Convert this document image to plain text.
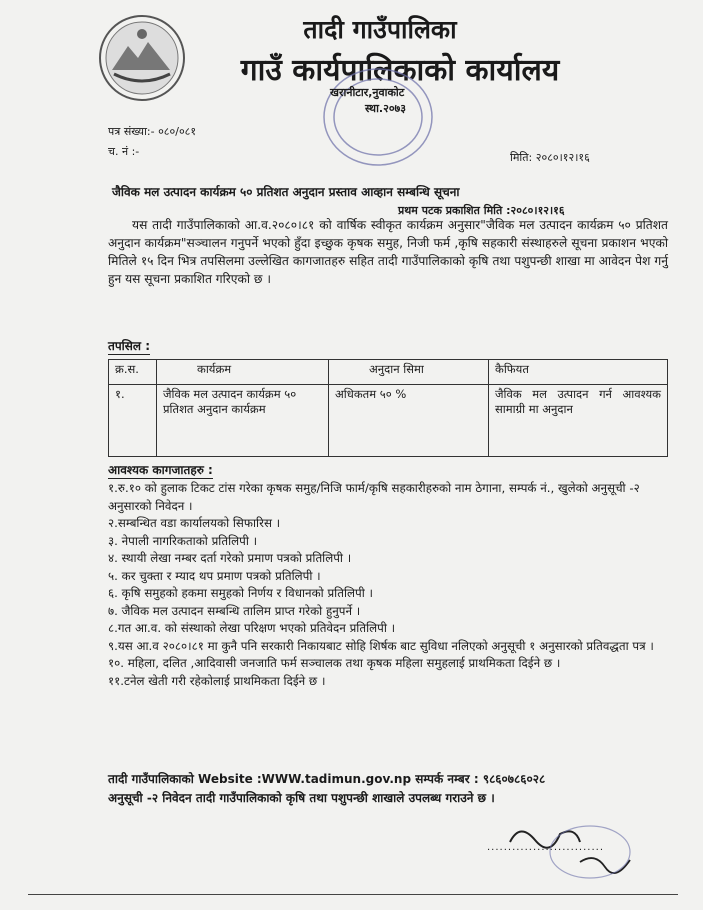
तादी गाउँपालिका
गाउँ कार्यपालिकाको कार्यालय
खरानीटार,नुवाकोट
स्था.२०७३
पत्र संख्या:- ०८०/०८१
च. नं :-	मिति: २०८०।१२।१६
जैविक मल उत्पादन कार्यक्रम ५० प्रतिशत अनुदान प्रस्ताव आव्हान सम्बन्धि सूचना
प्रथम पटक प्रकाशित मिति :२०८०।१२।१६
यस तादी गाउँपालिकाको आ.व.२०८०।८१ को वार्षिक स्वीकृत कार्यक्रम अनुसार"जैविक मल उत्पादन कार्यक्रम ५० प्रतिशत अनुदान कार्यक्रम"सञ्चालन गनुपर्ने भएको हुँदा इच्छुक कृषक समुह, निजी फर्म ,कृषि सहकारी संस्थाहरुले सूचना प्रकाशन भएको मितिले १५ दिन भित्र तपसिलमा उल्लेखित कागजातहरु सहित तादी गाउँपालिकाको कृषि तथा पशुपन्छी शाखा मा आवेदन पेश गर्नु हुन यस सूचना प्रकाशित गरिएको छ ।
तपसिल :
क्र.स.	कार्यक्रम	अनुदान सिमा	कैफियत
१.	जैविक मल उत्पादन कार्यक्रम ५० प्रतिशत अनुदान कार्यक्रम	अधिकतम ५० %	जैविक मल उत्पादन गर्न आवश्यक सामाग्री मा अनुदान
आवश्यक कागजातहरु :
१.रु.१० को हुलाक टिकट टांस गरेका कृषक समुह/निजि फार्म/कृषि सहकारीहरुको नाम ठेगाना, सम्पर्क नं., खुलेको अनुसूची -२ अनुसारको निवेदन ।
२.सम्बन्धित वडा कार्यालयको सिफारिस ।
३. नेपाली नागरिकताको प्रतिलिपी ।
४. स्थायी लेखा नम्बर दर्ता गरेको प्रमाण पत्रको प्रतिलिपी ।
५. कर चुक्ता र म्याद थप प्रमाण पत्रको प्रतिलिपी ।
६. कृषि समुहको हकमा समुहको निर्णय र विधानको प्रतिलिपी ।
७. जैविक मल उत्पादन सम्बन्धि तालिम प्राप्त गरेको हुनुपर्ने ।
८.गत आ.व. को संस्थाको लेखा परिक्षण भएको प्रतिवेदन प्रतिलिपी ।
९.यस आ.व २०८०।८१ मा कुनै पनि सरकारी निकायबाट सोहि शिर्षक बाट सुविधा नलिएको अनुसूची १ अनुसारको प्रतिवद्धता पत्र ।
१०. महिला, दलित ,आदिवासी जनजाति फर्म सञ्चालक तथा कृषक महिला समुहलाई प्राथमिकता दिईने छ ।
११.टनेल खेती गरी रहेकोलाई प्राथमिकता दिईने छ ।
तादी गाउँपालिकाको Website :WWW.tadimun.gov.np सम्पर्क नम्बर : ९८६०७८६०२८
अनुसूची -२ निवेदन तादी गाउँपालिकाको कृषि तथा पशुपन्छी शाखाले उपलब्ध गराउने छ ।
............................
